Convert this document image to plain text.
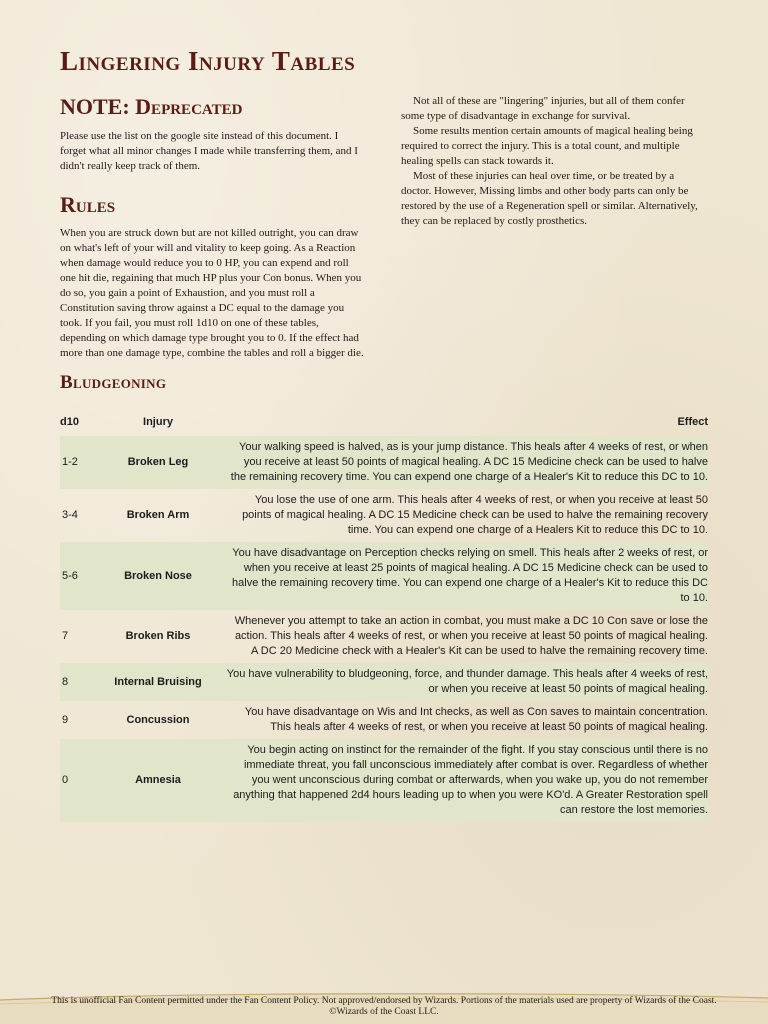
Lingering Injury Tables
NOTE: Deprecated

Please use the list on the google site instead of this document. I forget what all minor changes I made while transferring them, and I didn't really keep track of them.

Rules

When you are struck down but are not killed outright, you can draw on what's left of your will and vitality to keep going. As a Reaction when damage would reduce you to 0 HP, you can expend and roll one hit die, regaining that much HP plus your Con bonus. When you do so, you gain a point of Exhaustion, and you must roll a Constitution saving throw against a DC equal to the damage you took. If you fail, you must roll 1d10 on one of these tables, depending on which damage type brought you to 0. If the effect had more than one damage type, combine the tables and roll a bigger die.

Not all of these are "lingering" injuries, but all of them confer some type of disadvantage in exchange for survival.

Some results mention certain amounts of magical healing being required to correct the injury. This is a total count, and multiple healing spells can stack towards it.

Most of these injuries can heal over time, or be treated by a doctor. However, Missing limbs and other body parts can only be restored by the use of a Regeneration spell or similar. Alternatively, they can be replaced by costly prosthetics.

Bludgeoning
d10	Injury	Effect
1-2	Broken Leg	Your walking speed is halved, as is your jump distance. This heals after 4 weeks of rest, or when you receive at least 50 points of magical healing. A DC 15 Medicine check can be used to halve the remaining recovery time. You can expend one charge of a Healer's Kit to reduce this DC to 10.
3-4	Broken Arm	You lose the use of one arm. This heals after 4 weeks of rest, or when you receive at least 50 points of magical healing. A DC 15 Medicine check can be used to halve the remaining recovery time. You can expend one charge of a Healers Kit to reduce this DC to 10.
5-6	Broken Nose	You have disadvantage on Perception checks relying on smell. This heals after 2 weeks of rest, or when you receive at least 25 points of magical healing. A DC 15 Medicine check can be used to halve the remaining recovery time. You can expend one charge of a Healer's Kit to reduce this DC to 10.
7	Broken Ribs	Whenever you attempt to take an action in combat, you must make a DC 10 Con save or lose the action. This heals after 4 weeks of rest, or when you receive at least 50 points of magical healing. A DC 20 Medicine check with a Healer's Kit can be used to halve the remaining recovery time.
8	Internal Bruising	You have vulnerability to bludgeoning, force, and thunder damage. This heals after 4 weeks of rest, or when you receive at least 50 points of magical healing.
9	Concussion	You have disadvantage on Wis and Int checks, as well as Con saves to maintain concentration. This heals after 4 weeks of rest, or when you receive at least 50 points of magical healing.
0	Amnesia	You begin acting on instinct for the remainder of the fight. If you stay conscious until there is no immediate threat, you fall unconscious immediately after combat is over. Regardless of whether you went unconscious during combat or afterwards, when you wake up, you do not remember anything that happened 2d4 hours leading up to when you were KO'd. A Greater Restoration spell can restore the lost memories.

This is unofficial Fan Content permitted under the Fan Content Policy. Not approved/endorsed by Wizards. Portions of the materials used are property of Wizards of the Coast. ©Wizards of the Coast LLC.
